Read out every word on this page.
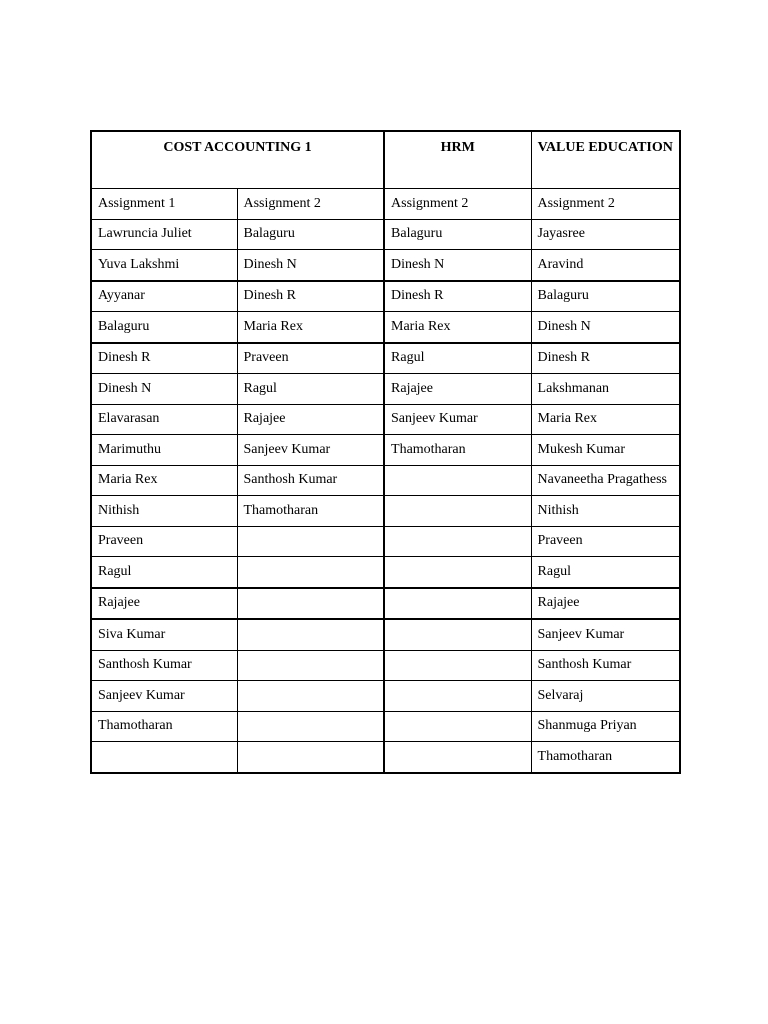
COST ACCOUNTING 1		HRM	VALUE EDUCATION
Assignment 1	Assignment 2	Assignment 2	Assignment 2
Lawruncia Juliet	Balaguru	Balaguru	Jayasree
Yuva Lakshmi	Dinesh N	Dinesh N	Aravind
Ayyanar	Dinesh R	Dinesh R	Balaguru
Balaguru	Maria Rex	Maria Rex	Dinesh N
Dinesh R	Praveen	Ragul	Dinesh R
Dinesh N	Ragul	Rajajee	Lakshmanan
Elavarasan	Rajajee	Sanjeev Kumar	Maria Rex
Marimuthu	Sanjeev Kumar	Thamotharan	Mukesh Kumar
Maria Rex	Santhosh Kumar		Navaneetha Pragathess
Nithish	Thamotharan		Nithish
Praveen			Praveen
Ragul			Ragul
Rajajee			Rajajee
Siva Kumar			Sanjeev Kumar
Santhosh Kumar			Santhosh Kumar
Sanjeev Kumar			Selvaraj
Thamotharan			Shanmuga Priyan
			Thamotharan
